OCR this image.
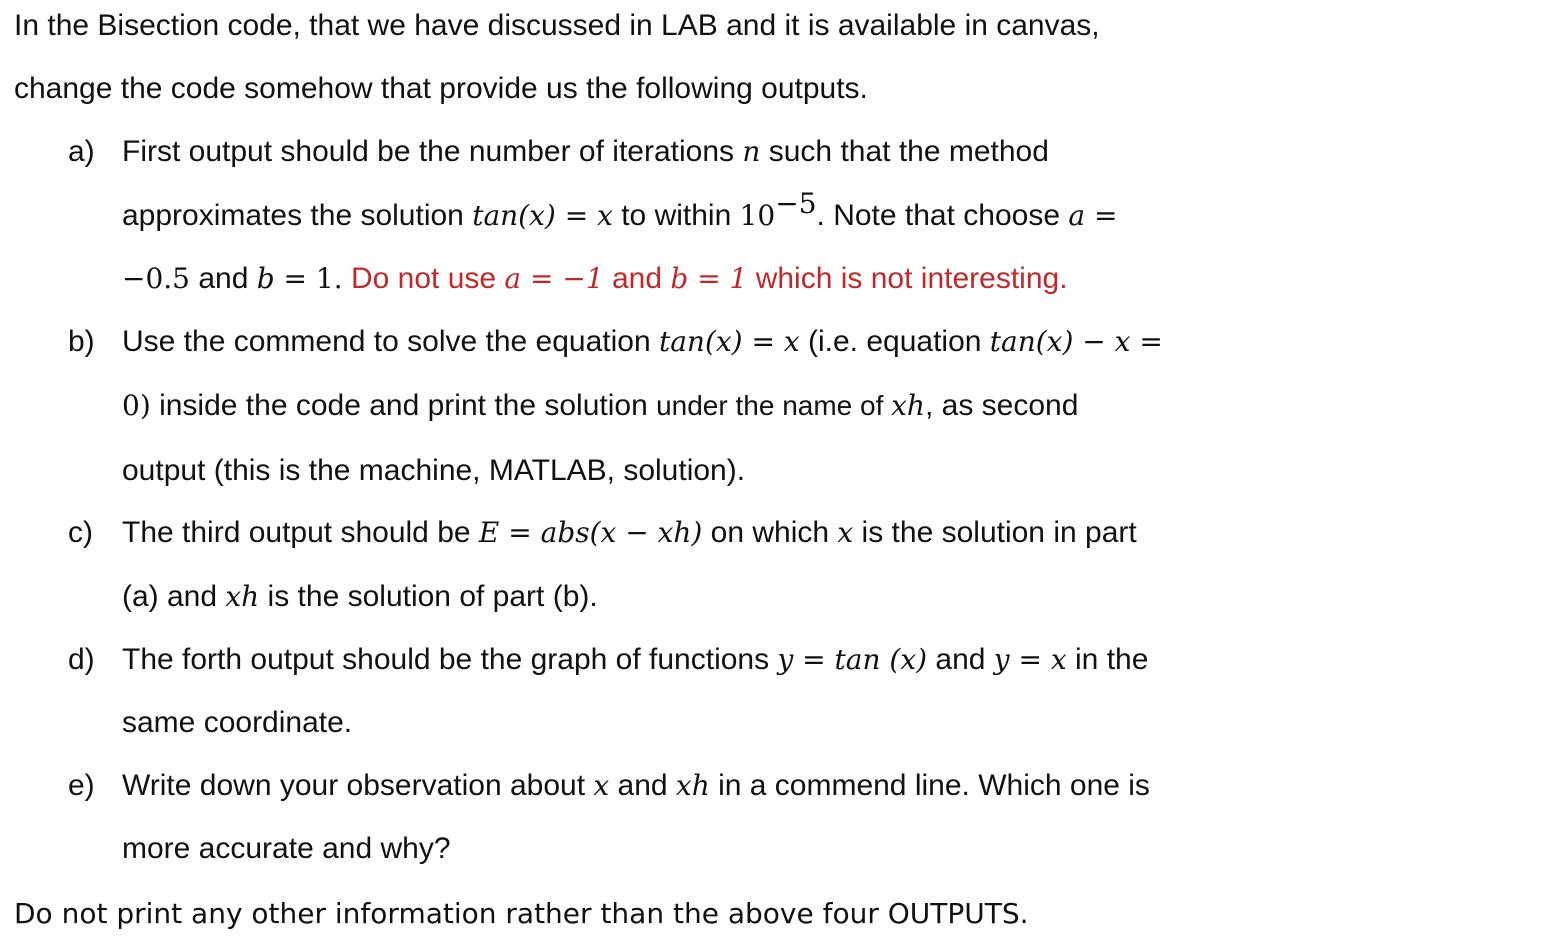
In the Bisection code, that we have discussed in LAB and it is available in canvas,
change the code somehow that provide us the following outputs.
a) First output should be the number of iterations n such that the method
approximates the solution tan(x) = x to within $10^{-5}$. Note that choose a =
−0.5 and b = 1. Do not use a = −1 and b = 1 which is not interesting.
b) Use the commend to solve the equation tan(x) = x (i.e. equation tan(x) − x =
0) inside the code and print the solution under the name of xh, as second
output (this is the machine, MATLAB, solution).
c) The third output should be E = abs(x − xh) on which x is the solution in part
(a) and xh is the solution of part (b).
d) The forth output should be the graph of functions y = tan (x) and y = x in the
same coordinate.
e) Write down your observation about x and xh in a commend line. Which one is
more accurate and why?
Do not print any other information rather than the above four OUTPUTS.
